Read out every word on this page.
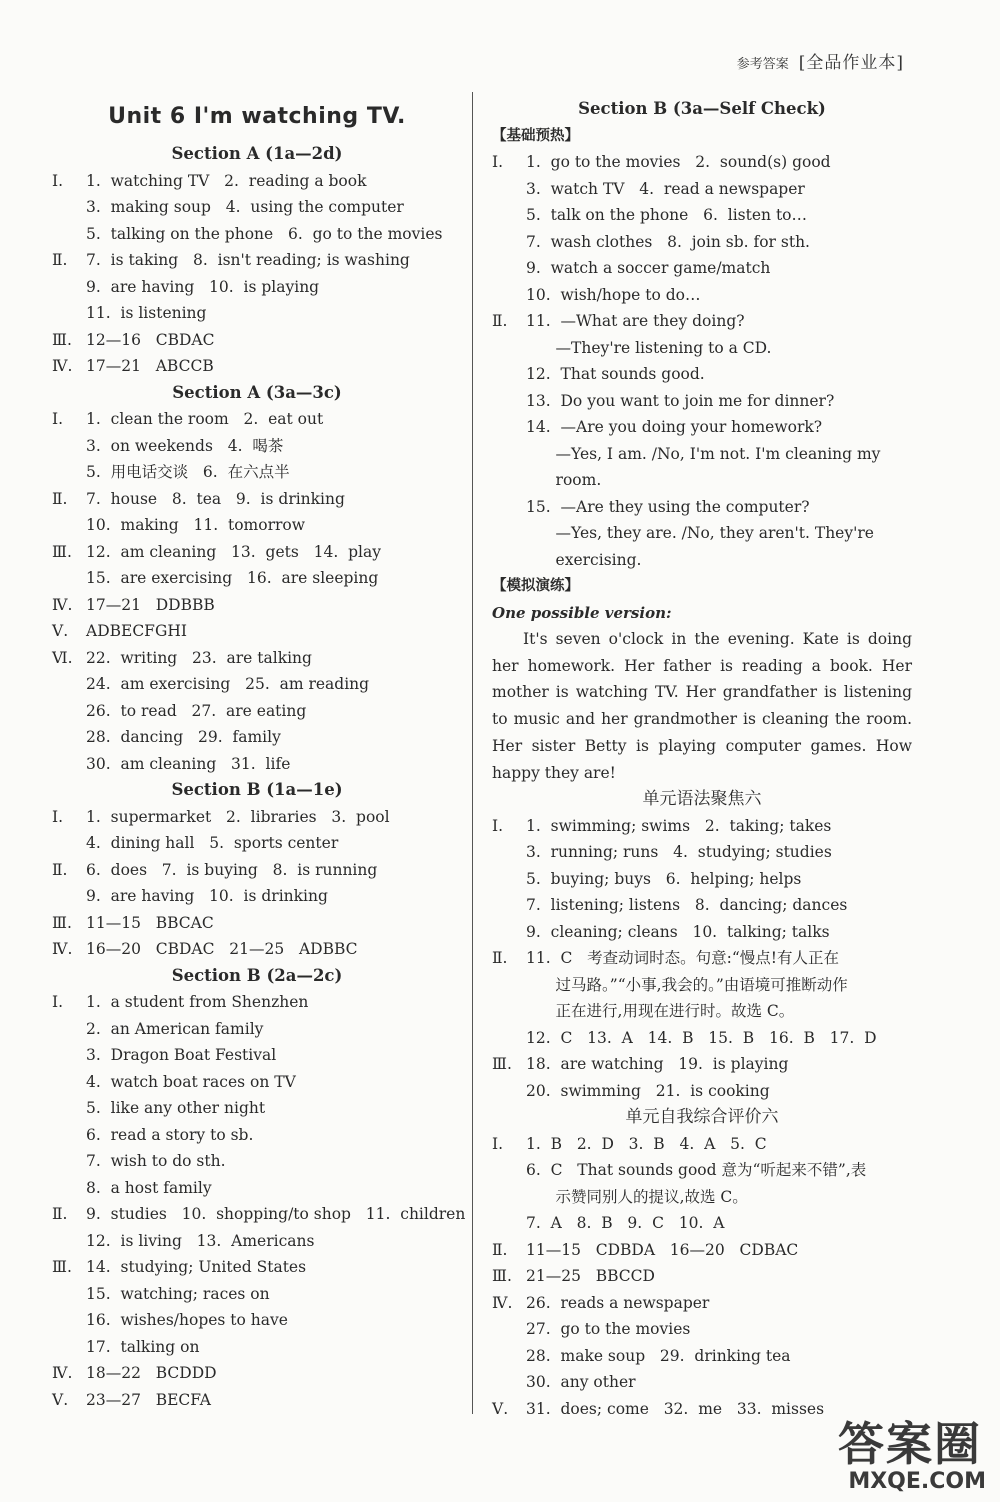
参考答案 [全品作业本]
Unit 6 I'm watching TV.
Section A (1a—2d)
Ⅰ.	1.  watching TV   2.  reading a book
3.  making soup   4.  using the computer
5.  talking on the phone   6.  go to the movies
Ⅱ.	7.  is taking   8.  isn't reading; is washing
9.  are having   10.  is playing
11.  is listening
Ⅲ. 12—16   CBDAC
Ⅳ. 17—21   ABCCB
Section A (3a—3c)
Ⅰ.	1.  clean the room   2.  eat out
3.  on weekends   4.  喝茶
5.  用电话交谈   6.  在六点半
Ⅱ.	7.  house   8.  tea   9.  is drinking
10.  making   11.  tomorrow
Ⅲ. 12.  am cleaning   13.  gets   14.  play
15.  are exercising   16.  are sleeping
Ⅳ. 17—21   DDBBB
Ⅴ.	ADBECFGHI
Ⅵ. 22.  writing   23.  are talking
24.  am exercising   25.  am reading
26.  to read   27.  are eating
28.  dancing   29.  family
30.  am cleaning   31.  life
Section B (1a—1e)
Ⅰ.	1.  supermarket   2.  libraries   3.  pool
4.  dining hall   5.  sports center
Ⅱ.	6.  does   7.  is buying   8.  is running
9.  are having   10.  is drinking
Ⅲ. 11—15   BBCAC
Ⅳ. 16—20   CBDAC   21—25   ADBBC
Section B (2a—2c)
Ⅰ.	1.  a student from Shenzhen
2.  an American family
3.  Dragon Boat Festival
4.  watch boat races on TV
5.  like any other night
6.  read a story to sb.
7.  wish to do sth.
8.  a host family
Ⅱ.	9.  studies   10.  shopping/to shop   11.  children
12.  is living   13.  Americans
Ⅲ. 14.  studying; United States
15.  watching; races on
16.  wishes/hopes to have
17.  talking on
Ⅳ. 18—22   BCDDD
Ⅴ.	23—27   BECFA
Section B (3a—Self Check)
【基础预热】
Ⅰ.	1.  go to the movies   2.  sound(s) good
3.  watch TV   4.  read a newspaper
5.  talk on the phone   6.  listen to…
7.  wash clothes   8.  join sb. for sth.
9.  watch a soccer game/match
10.  wish/hope to do…
Ⅱ.	11.  —What are they doing?
—They're listening to a CD.
12.  That sounds good.
13.  Do you want to join me for dinner?
14.  —Are you doing your homework?
—Yes, I am. /No, I'm not. I'm cleaning my
room.
15.  —Are they using the computer?
—Yes, they are. /No, they aren't. They're
exercising.
【模拟演练】
One possible version:
It's seven o'clock in the evening. Kate is doing her homework. Her father is reading a book. Her mother is watching TV. Her grandfather is listening to music and her grandmother is cleaning the room. Her sister Betty is playing computer games. How happy they are!
单元语法聚焦六
Ⅰ.	1.  swimming; swims   2.  taking; takes
3.  running; runs   4.  studying; studies
5.  buying; buys   6.  helping; helps
7.  listening; listens   8.  dancing; dances
9.  cleaning; cleans   10.  talking; talks
Ⅱ.	11.  C   考查动词时态。句意:“慢点!有人正在
过马路。”“小事,我会的。”由语境可推断动作
正在进行,用现在进行时。故选 C。
12.  C   13.  A   14.  B   15.  B   16.  B   17.  D
Ⅲ. 18.  are watching   19.  is playing
20.  swimming   21.  is cooking
单元自我综合评价六
Ⅰ.	1.  B   2.  D   3.  B   4.  A   5.  C
6.  C   That sounds good 意为“听起来不错”,表
示赞同别人的提议,故选 C。
7.  A   8.  B   9.  C   10.  A
Ⅱ.	11—15   CDBDA   16—20   CDBAC
Ⅲ. 21—25   BBCCD
Ⅳ. 26.  reads a newspaper
27.  go to the movies
28.  make soup   29.  drinking tea
30.  any other
Ⅴ.	31.  does; come   32.  me   33.  misses
答案圈
MXQE.COM
